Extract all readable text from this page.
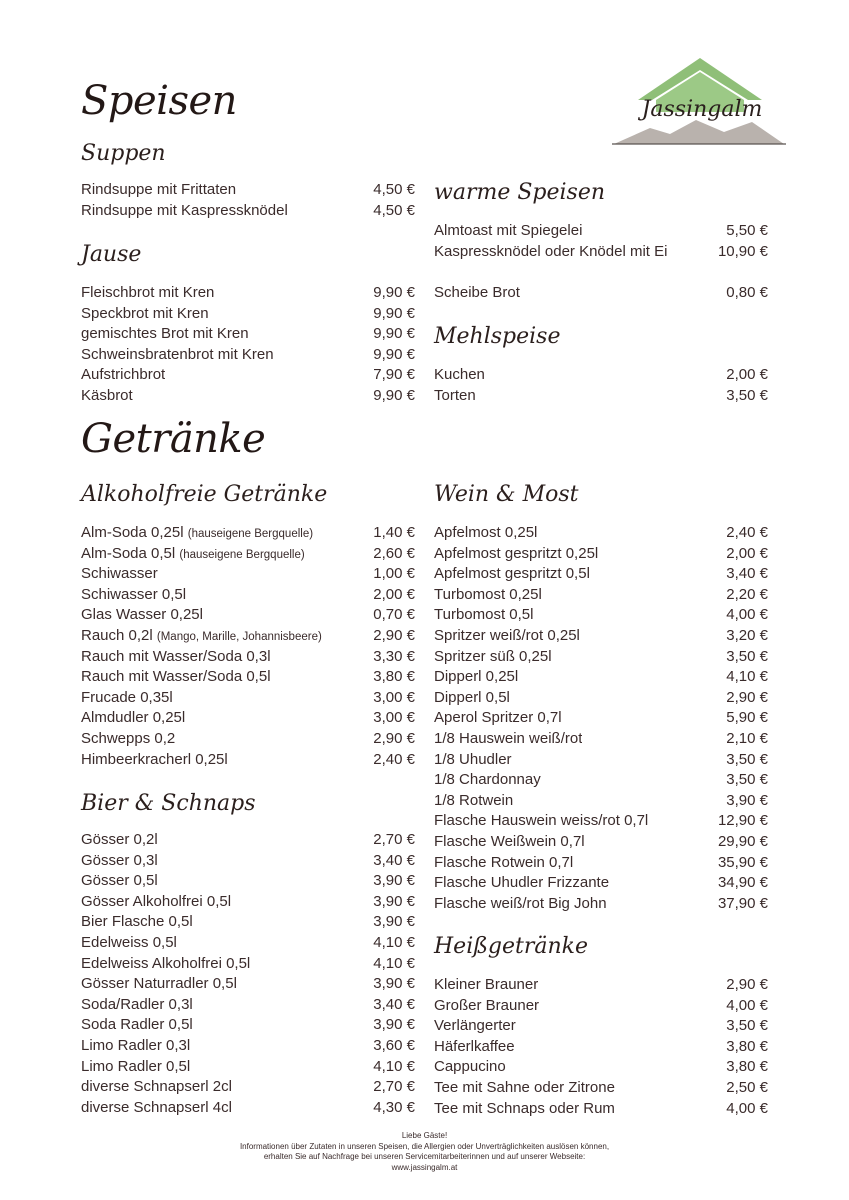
Jassingalm
Speisen
Suppen
Rindsuppe mit Frittaten	4,50 €
Rindsuppe mit Kaspressknödel	4,50 €
Jause
Fleischbrot mit Kren	9,90 €
Speckbrot mit Kren	9,90 €
gemischtes Brot mit Kren	9,90 €
Schweinsbratenbrot mit Kren	9,90 €
Aufstrichbrot	7,90 €
Käsbrot	9,90 €
warme Speisen
Almtoast mit Spiegelei	5,50 €
Kaspressknödel oder Knödel mit Ei	10,90 €
Scheibe Brot	0,80 €
Mehlspeise
Kuchen	2,00 €
Torten	3,50 €
Getränke
Alkoholfreie Getränke
Alm-Soda 0,25l (hauseigene Bergquelle)	1,40 €
Alm-Soda 0,5l (hauseigene Bergquelle)	2,60 €
Schiwasser	1,00 €
Schiwasser 0,5l	2,00 €
Glas Wasser 0,25l	0,70 €
Rauch 0,2l (Mango, Marille, Johannisbeere)	2,90 €
Rauch mit Wasser/Soda 0,3l	3,30 €
Rauch mit Wasser/Soda 0,5l	3,80 €
Frucade 0,35l	3,00 €
Almdudler 0,25l	3,00 €
Schwepps 0,2	2,90 €
Himbeerkracherl 0,25l	2,40 €
Bier & Schnaps
Gösser 0,2l	2,70 €
Gösser 0,3l	3,40 €
Gösser 0,5l	3,90 €
Gösser Alkoholfrei 0,5l	3,90 €
Bier Flasche 0,5l	3,90 €
Edelweiss 0,5l	4,10 €
Edelweiss Alkoholfrei 0,5l	4,10 €
Gösser Naturradler 0,5l	3,90 €
Soda/Radler 0,3l	3,40 €
Soda Radler 0,5l	3,90 €
Limo Radler 0,3l	3,60 €
Limo Radler 0,5l	4,10 €
diverse Schnapserl 2cl	2,70 €
diverse Schnapserl 4cl	4,30 €
Wein & Most
Apfelmost 0,25l	2,40 €
Apfelmost gespritzt 0,25l	2,00 €
Apfelmost gespritzt 0,5l	3,40 €
Turbomost 0,25l	2,20 €
Turbomost 0,5l	4,00 €
Spritzer weiß/rot 0,25l	3,20 €
Spritzer süß 0,25l	3,50 €
Dipperl 0,25l	4,10 €
Dipperl 0,5l	2,90 €
Aperol Spritzer 0,7l	5,90 €
1/8 Hauswein weiß/rot	2,10 €
1/8 Uhudler	3,50 €
1/8 Chardonnay	3,50 €
1/8 Rotwein	3,90 €
Flasche Hauswein weiss/rot 0,7l	12,90 €
Flasche Weißwein 0,7l	29,90 €
Flasche Rotwein 0,7l	35,90 €
Flasche Uhudler Frizzante	34,90 €
Flasche weiß/rot Big John	37,90 €
Heißgetränke
Kleiner Brauner	2,90 €
Großer Brauner	4,00 €
Verlängerter	3,50 €
Häferlkaffee	3,80 €
Cappucino	3,80 €
Tee mit Sahne oder Zitrone	2,50 €
Tee mit Schnaps oder Rum	4,00 €
Liebe Gäste!
Informationen über Zutaten in unseren Speisen, die Allergien oder Unverträglichkeiten auslösen können,
erhalten Sie auf Nachfrage bei unseren Servicemitarbeiterinnen und auf unserer Webseite:
www.jassingalm.at
